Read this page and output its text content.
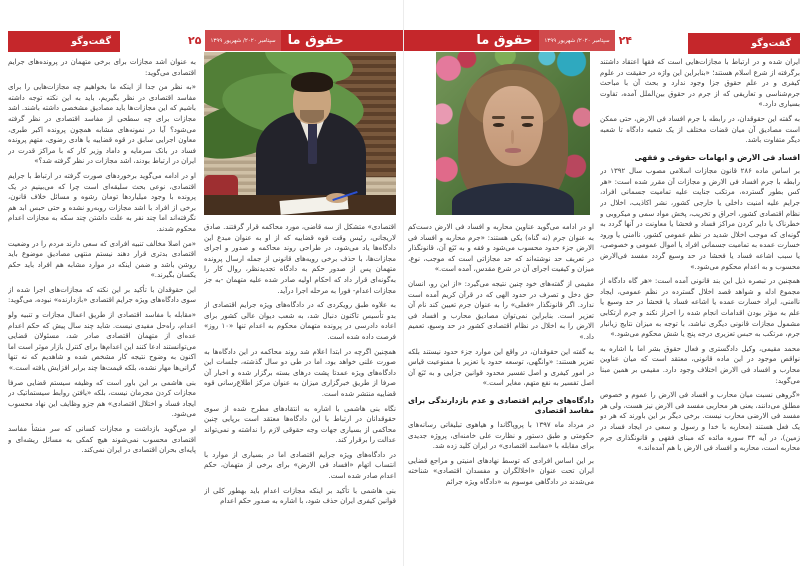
گفت‌وگو	۲۵	سپتامبر ۲۰۲۰/ شهریور ۱۳۹۹ حقوق ما

به عنوان اشد مجازات برای برخی متهمان در پرونده‌های جرایم اقتصادی می‌گوید:

«به نظر من جدا از اینکه ما بخواهیم چه مجازات‌هایی را برای مفاسد اقتصادی در نظر بگیریم، باید به این نکته توجه داشته باشیم که این مجازات‌ها باید مصادیق مشخصی داشته باشند. اشد مجازات برای چه سطحی از مفاسد اقتصادی در نظر گرفته می‌شود؟ آیا در نمونه‌های مشابه همچون پرونده اکبر طبری، معاون اجرایی سابق در قوه قضاییه یا هادی رضوی، متهم پرونده فساد در بانک سرمایه و داماد وزیر کار که با مراکز قدرت در ایران در ارتباط بودند، اشد مجازات در نظر گرفته شد؟»

او در ادامه می‌گوید برخوردهای صورت گرفته در ارتباط با جرایم اقتصادی، نوعی بحث سلیقه‌ای است چرا که می‌بینیم در یک پرونده با وجود میلیاردها تومان رشوه و مسائل خلاف قانون، برخی از افراد با اشد مجازات روبه‌رو نشده و حتی حبس ابد هم نگرفته‌اند اما چند نفر به علت داشتن چند سکه به مجازات اعدام محکوم شدند.

«من اصلا مخالف تنبیه افرادی که سعی دارند مردم را در وضعیت اقتصادی بدتری قرار دهند نیستم منتهی مصادیق موضوع باید روشن باشد و ضمن اینکه در موارد مشابه هم افراد باید حکم یکسان بگیرند.»

این حقوقدان با تأکید بر این نکته که مجازات‌های اجرا شده از سوی دادگاه‌های ویژه جرایم اقتصادی «بازدارنده» نبوده، می‌گوید:

«مقابله با مفاسد اقتصادی از طریق اعمال مجازات و تنبیه ولو اعدام، راه‌حل مفیدی نیست. شاید چند سال پیش که حکم اعدام عده‌ای از متهمان اقتصادی صادر شد، مسئولان قضایی می‌توانستند ادعا کنند این اعدام‌ها برای کنترل بازار موثر است اما اکنون به وضوح نتیجه کار مشخص شده و شاهدیم که نه تنها گرانی‌ها مهار نشده، بلکه قیمت‌ها چند برابر افزایش یافته است.»

بنی هاشمی بر این باور است که وظیفه سیستم قضایی صرفا مجازات کردن مجرمان نیست، بلکه «یافتن روابط سیستماتیک در ایجاد فساد و اختلال اقتصادی» هم جزو وظایف این نهاد محسوب می‌شود.

او می‌گوید بازداشت و مجازات کسانی که سر منشأ مفاسد اقتصادی محسوب نمی‌شوند هیچ کمکی به مسائل ریشه‌ای و پایه‌ای بحران اقتصادی در ایران نمی‌کند.

اقتصادی» متشکل از سه قاضی، مورد محاکمه قرار گرفتند. صادق لاریجانی، رئیس وقت قوه قضاییه که از او به عنوان مبدع این دادگاه‌ها یاد می‌شود، در طراحی روند محاکمه و صدور و اجرای مجازات‌ها، با حذف برخی رویه‌های قانونی از جمله ارسال پرونده متهمان پس از صدور حکم به دادگاه تجدیدنظر، روال کار را به‌گونه‌ای قرار داد که احکام اولیه صادر شده علیه متهمان -به جز مجازات اعدام- فورا به مرحله اجرا درآید.

به علاوه طبق رویکردی که در دادگاه‌های ویژه جرایم اقتصادی از بدو تأسیس تاکنون دنبال شد، به شعب دیوان عالی کشور برای اعاده دادرسی در پرونده متهمان محکوم به اعدام تنها «۱۰ روز» فرصت داده شده است.

همچنین اگرچه در ابتدا اعلام شد روند محاکمه در این دادگاه‌ها به صورت علنی خواهد بود، اما در طی دو سال گذشته، جلسات این دادگاه‌های ویژه عمدتا پشت درهای بسته برگزار شده و اخبار آن صرفا از طریق خبرگزاری میزان به عنوان مرکز اطلاع‌رسانی قوه قضاییه منتشر شده است.

نگاه بنی هاشمی با اشاره به انتقادهای مطرح شده از سوی حقوقدانان در ارتباط با این دادگاه‌ها معتقد است برپایی چنین محاکمی از بسیاری جهات وجه حقوقی لازم را نداشته و نمی‌تواند عدالت را برقرار کند.

در دادگاه‌های ویژه جرایم اقتصادی اما در بسیاری از موارد با انتساب اتهام «افساد فی الارض» برای برخی از متهمان، حکم اعدام صادر شده است.

بنی هاشمی با تأکید بر اینکه مجازات اعدام باید بهطور کلی از قوانین کیفری ایران حذف شود، با اشاره به صدور حکم اعدام

حقوق ما	سپتامبر ۲۰۲۰/ شهریور ۱۳۹۹ ۲۴	گفت‌وگو

ایران شده و در ارتباط با مجازات‌هایی است که فقها اعتقاد داشتند برگرفته از شرع اسلام هستند؛ «بنابراین این واژه در حقیقت در علوم کیفری و در علم حقوق جزا وجود ندارد و بحث آن با مباحث جرم‌شناسی و تعاریفی که از جرم در حقوق بین‌الملل آمده، تفاوت بسیاری دارد.»

به گفته این حقوقدان، در رابطه با جرم افساد فی الارض، حتی ممکن است مصادیق آن میان قضات مختلف از یک شعبه دادگاه تا شعبه دیگر متفاوت باشد.

افساد فی الارض و ابهامات حقوقی و فقهی

بر اساس ماده ۲۸۶ قانون مجازات اسلامی مصوب سال ۱۳۹۲ در رابطه با جرم افساد فی الارض و مجازات آن مقرر شده است: «هر کس بطور گسترده، مرتکب جنایت علیه تمامیت جسمانی افراد، جرایم علیه امنیت داخلی یا خارجی کشور، نشر اکاذیب، اخلال در نظام اقتصادی کشور، احراق و تخریب، پخش مواد سمی و میکروبی و خطرناک یا دایر کردن مراکز فساد و فحشا یا معاونت در آنها گردد به گونه‌ای که موجب اخلال شدید در نظم عمومی کشور، ناامنی یا ورود خسارت عمده به تمامیت جسمانی افراد یا اموال عمومی و خصوصی، یا سبب اشاعه فساد یا فحشا در حد وسیع گردد مفسد فی‌الارض محسوب و به اعدام محکوم می‌شود.»

همچنین در تبصره ذیل این بند قانونی آمده است: «هر گاه دادگاه از مجموع ادله و شواهد قصد اخلال گسترده در نظم عمومی، ایجاد ناامنی، ایراد خسارت عمده یا اشاعه فساد یا فحشا در حد وسیع یا علم به مؤثر بودن اقدامات انجام شده را احراز نکند و جرم ارتکابی مشمول مجازات قانونی دیگری نباشد، با توجه به میزان نتایج زیانبار جرم، مرتکب به حبس تعزیری درجه پنج یا شش محکوم می‌شود.»

محمد مقیمی، وکیل دادگستری و فعال حقوق بشر اما با اشاره به نواقص موجود در این ماده قانونی، معتقد است که میان عناوین محارب و افساد فی الارض اختلاف وجود دارد. مقیمی بر همین مبنا می‌گوید:

«گروهی نسبت میان محارب و افساد فی الارض را عموم و خصوص مطلق می‌دانند، یعنی هر محاربی مفسد فی الارض نیز هست، ولی هر مفسد فی الارضی محارب نیست. برخی دیگر بر این باورند که هر دو یک فعل هستند (محاربه با خدا و رسول و سعی در ایجاد فساد در زمین)، در آیه ۳۳ سوره مائده که مبنای فقهی و قانونگذاری جرم محاربه است، محاربه و افساد فی الارض با هم آمده‌اند.»

او در ادامه می‌گوید عناوین محاربه و افساد فی الارض دست‌کم به عنوان جرم (نه گناه) یکی هستند: «جرم محاربه و افساد فی الارض جزء حدود محسوب می‌شود و فقه و به تَبَع آن، قانونگذار در تعریف حد نوشته‌اند که حد مجازاتی است که موجب، نوع، میزان و کیفیت اجرای آن در شرع مقدس، آمده است.»

مقیمی از گفته‌های خود چنین نتیجه می‌گیرد: «از این رو، انسان حق دخل و تصرف در حدود الهی که در قرآن کریم آمده است ندارد. اگر قانونگذار «فعلی» را به عنوان جرم تعیین کند نام آن تعزیر است. بنابراین نمی‌توان مصادیق محارب و افساد فی الارض را به اخلال در نظام اقتصادی کشور در حد وسیع، تعمیم داد.»

به گفته این حقوقدان، در واقع این موارد جزء حدود نیستند بلکه تعزیر هستند: «وانگهی، توسعه حدود یا تعزیر با ممنوعیت قیاس در امور کیفری و اصل تفسیر محدود قوانین جزایی و به تَبَع آن اصل تفسیر به نفع متهم، مغایر است.»

دادگاه‌های جرایم اقتصادی و عدم بازدارندگی برای مفاسد اقتصادی

در مرداد ماه ۱۳۹۷ با پروپاگاندا و هیاهوی تبلیغاتی رسانه‌های حکومتی و طبق دستور و نظارت علی خامنه‌ای، پروژه جدیدی برای مقابله با «مفاسد اقتصادی» در ایران کلید زده شد.

بر این اساس افرادی که توسط نهادهای امنیتی و مراجع قضایی ایران تحت عنوان «اخلالگران و مفسدان اقتصادی» شناخته می‌شدند در دادگاهی موسوم به «دادگاه ویژه جرائم
